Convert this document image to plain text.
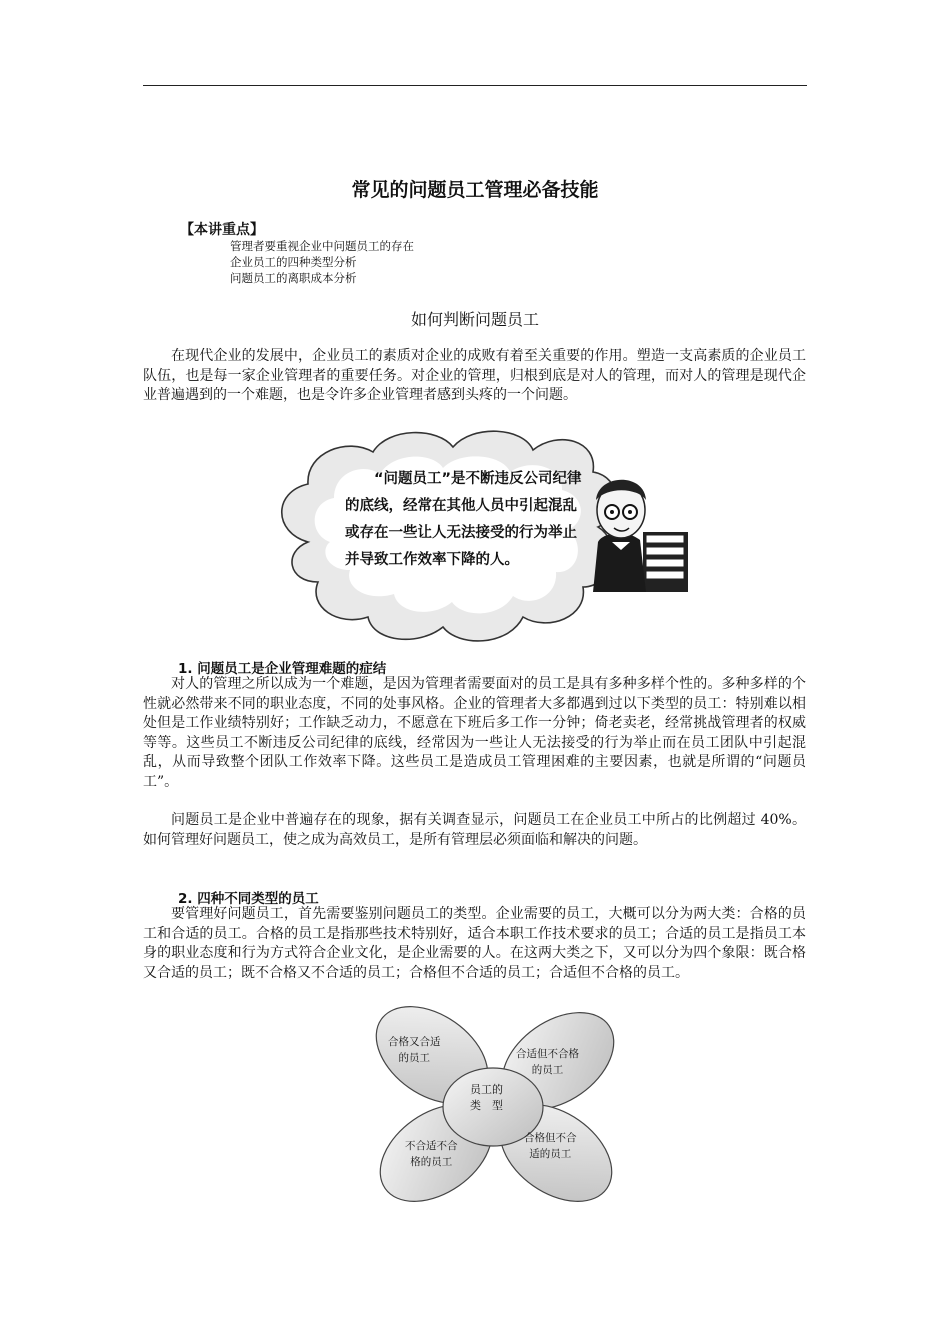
常见的问题员工管理必备技能
【本讲重点】
管理者要重视企业中问题员工的存在
企业员工的四种类型分析
问题员工的离职成本分析
如何判断问题员工
在现代企业的发展中，企业员工的素质对企业的成败有着至关重要的作用。塑造一支高素质的企业员工队伍，也是每一家企业管理者的重要任务。对企业的管理，归根到底是对人的管理，而对人的管理是现代企业普遍遇到的一个难题，也是令许多企业管理者感到头疼的一个问题。

“问题员工”是不断违反公司纪律的底线，经常在其他人员中引起混乱或存在一些让人无法接受的行为举止并导致工作效率下降的人。

1. 问题员工是企业管理难题的症结
对人的管理之所以成为一个难题，是因为管理者需要面对的员工是具有多种多样个性的。多种多样的个性就必然带来不同的职业态度，不同的处事风格。企业的管理者大多都遇到过以下类型的员工：特别难以相处但是工作业绩特别好；工作缺乏动力，不愿意在下班后多工作一分钟；倚老卖老，经常挑战管理者的权威等等。这些员工不断违反公司纪律的底线，经常因为一些让人无法接受的行为举止而在员工团队中引起混乱，从而导致整个团队工作效率下降。这些员工是造成员工管理困难的主要因素，也就是所谓的“问题员工”。
问题员工是企业中普遍存在的现象，据有关调查显示，问题员工在企业员工中所占的比例超过 40%。如何管理好问题员工，使之成为高效员工，是所有管理层必须面临和解决的问题。
2. 四种不同类型的员工
要管理好问题员工，首先需要鉴别问题员工的类型。企业需要的员工，大概可以分为两大类：合格的员工和合适的员工。合格的员工是指那些技术特别好，适合本职工作技术要求的员工；合适的员工是指员工本身的职业态度和行为方式符合企业文化，是企业需要的人。在这两大类之下，又可以分为四个象限：既合格又合适的员工；既不合格又不合适的员工；合格但不合适的员工；合适但不合格的员工。
合格又合适
的员工	合适但不合格
的员工
员工的
类　型
不合适不合
格的员工
合格但不合
适的员工
